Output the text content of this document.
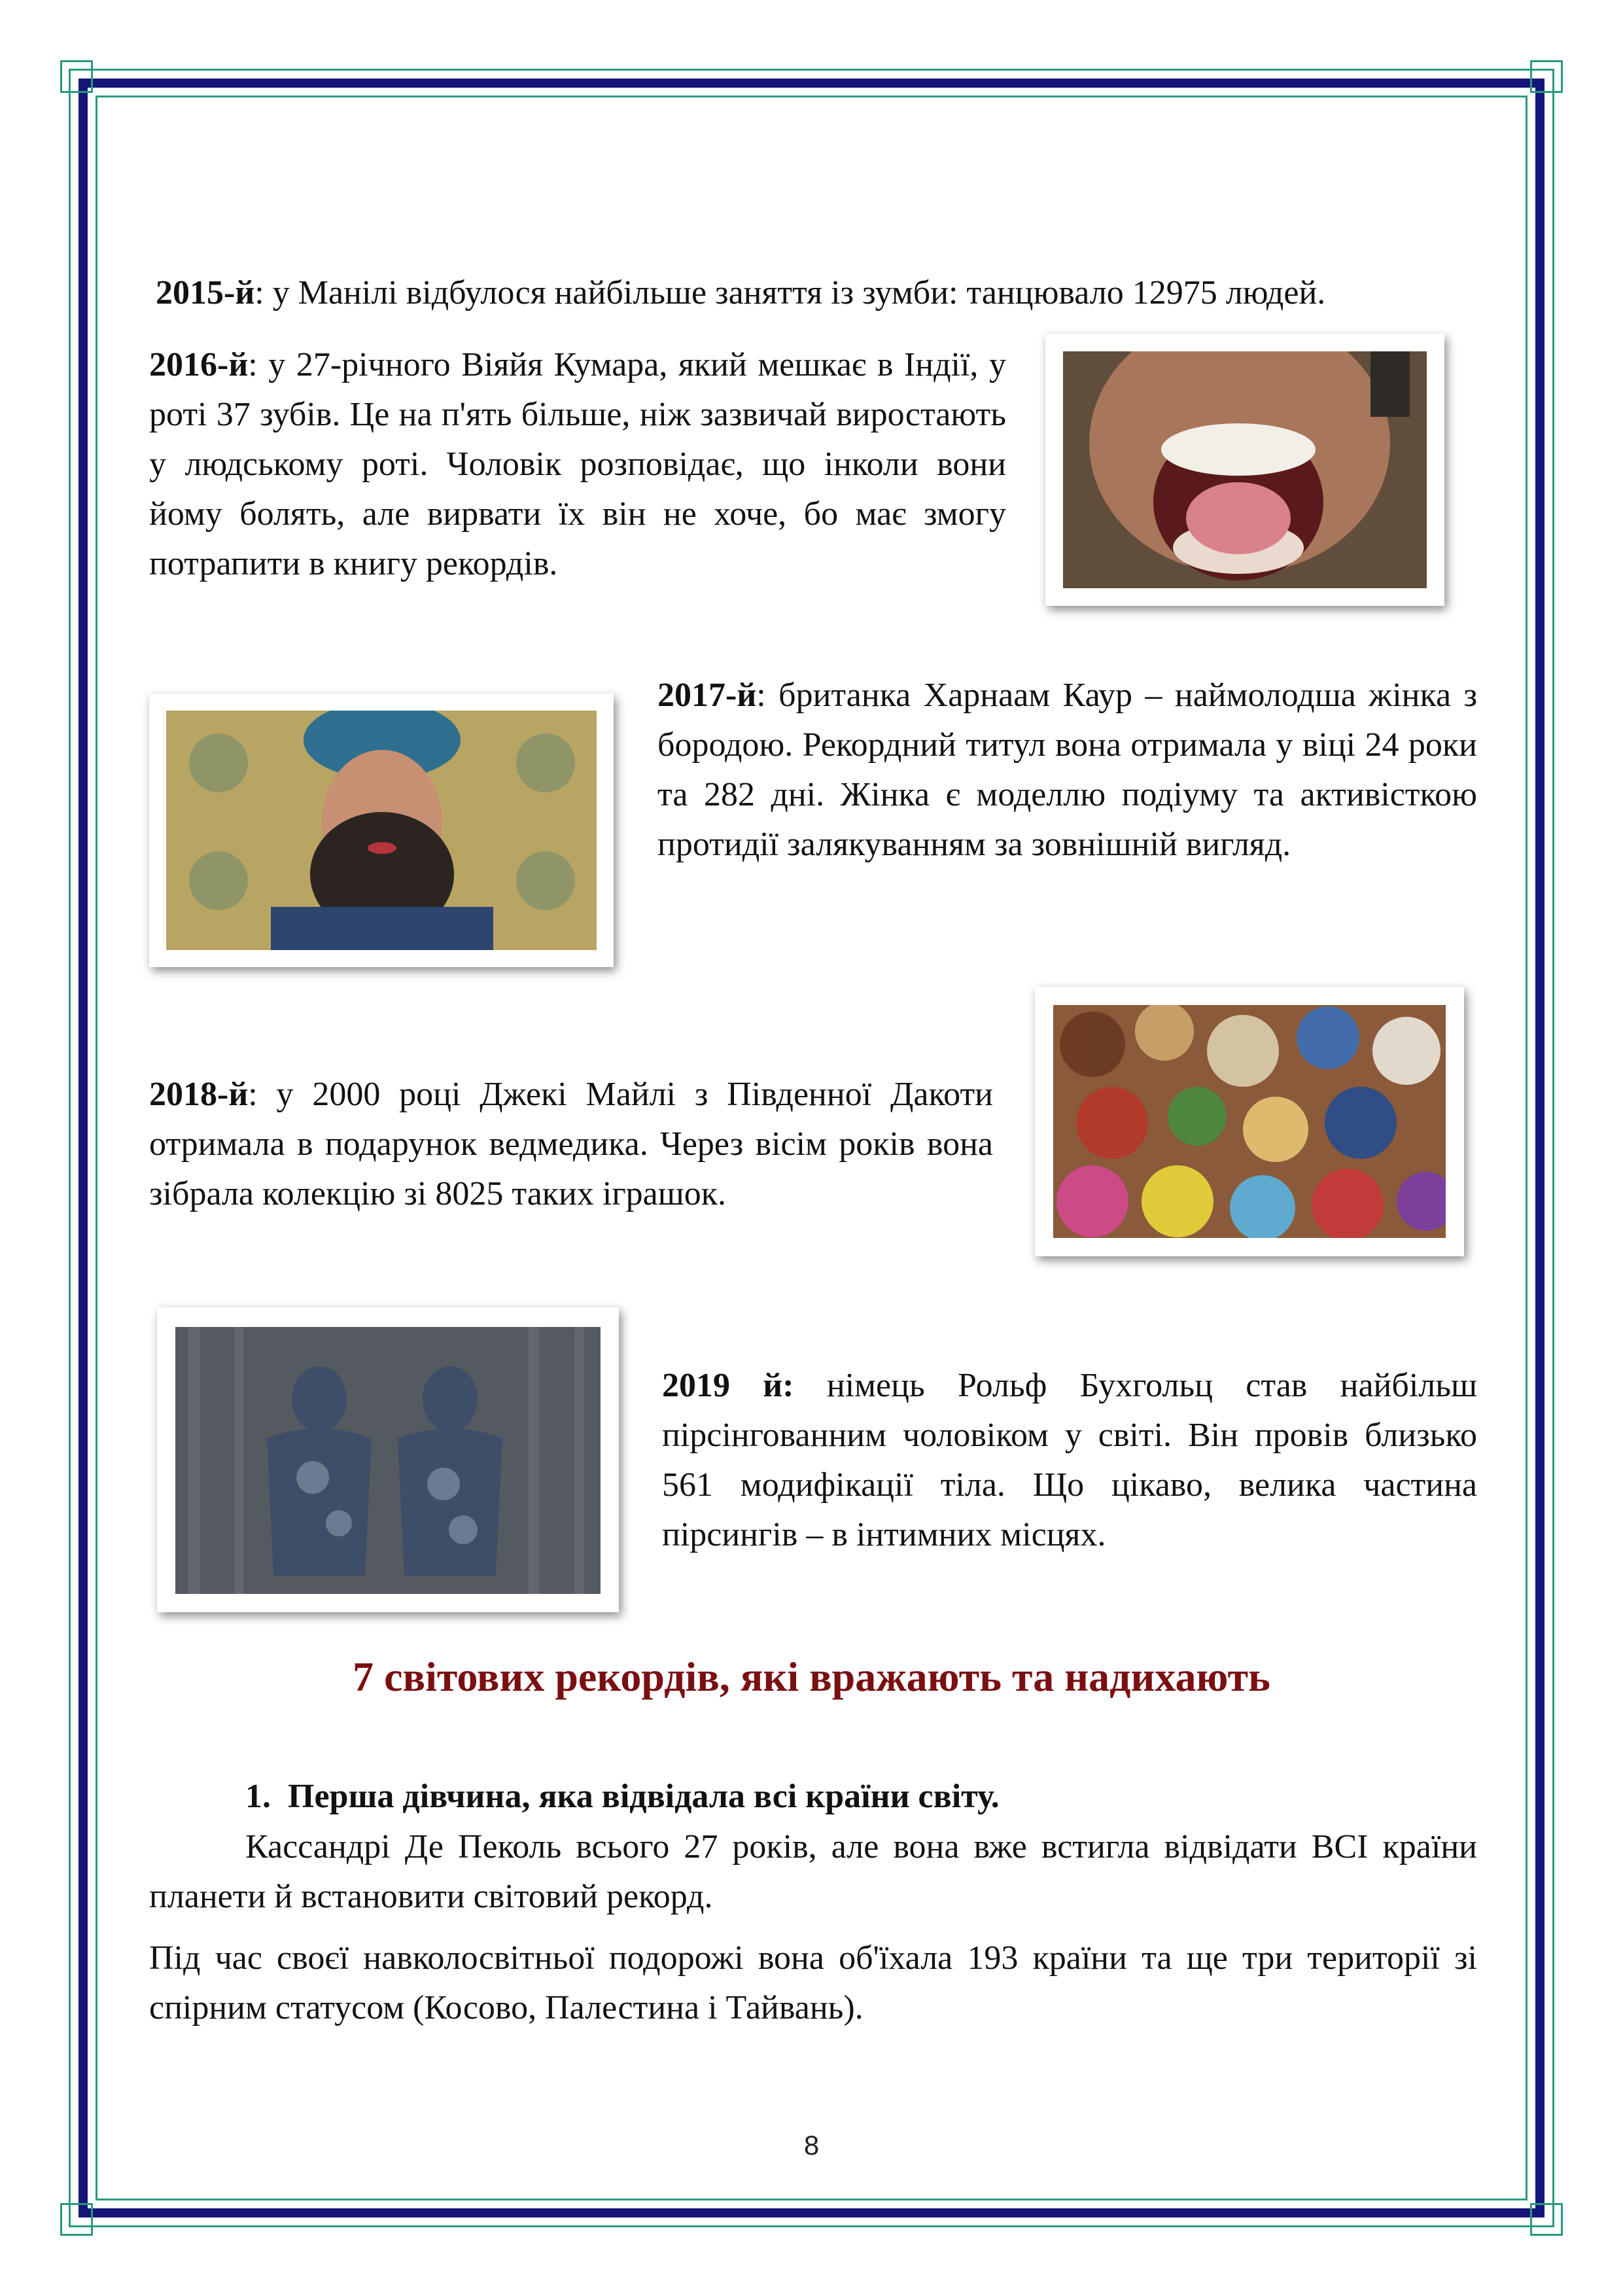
2015-й: у Манілі відбулося найбільше заняття із зумби: танцювало 12975 людей.

2016-й: у 27-річного Віяйя Кумара, який мешкає в Індії, у роті 37 зубів. Це на п'ять більше, ніж зазвичай виростають у людському роті. Чоловік розповідає, що інколи вони йому болять, але вирвати їх він не хоче, бо має змогу потрапити в книгу рекордів.

2017-й: британка Харнаам Каур – наймолодша жінка з бородою. Рекордний титул вона отримала у віці 24 роки та 282 дні. Жінка є моделлю подіуму та активісткою протидії залякуванням за зовнішній вигляд.

2018-й: у 2000 році Джекі Майлі з Південної Дакоти отримала в подарунок ведмедика. Через вісім років вона зібрала колекцію зі 8025 таких іграшок.

2019 й: німець Рольф Бухгольц став найбільш пірсінгованним чоловіком у світі. Він провів близько 561 модифікації тіла. Що цікаво, велика частина пірсингів – в інтимних місцях.

7 світових рекордів, які вражають та надихають

1. Перша дівчина, яка відвідала всі країни світу.

Кассандрі Де Пеколь всього 27 років, але вона вже встигла відвідати ВСІ країни планети й встановити світовий рекорд.

Під час своєї навколосвітньої подорожі вона об'їхала 193 країни та ще три території зі спірним статусом (Косово, Палестина і Тайвань).

8
